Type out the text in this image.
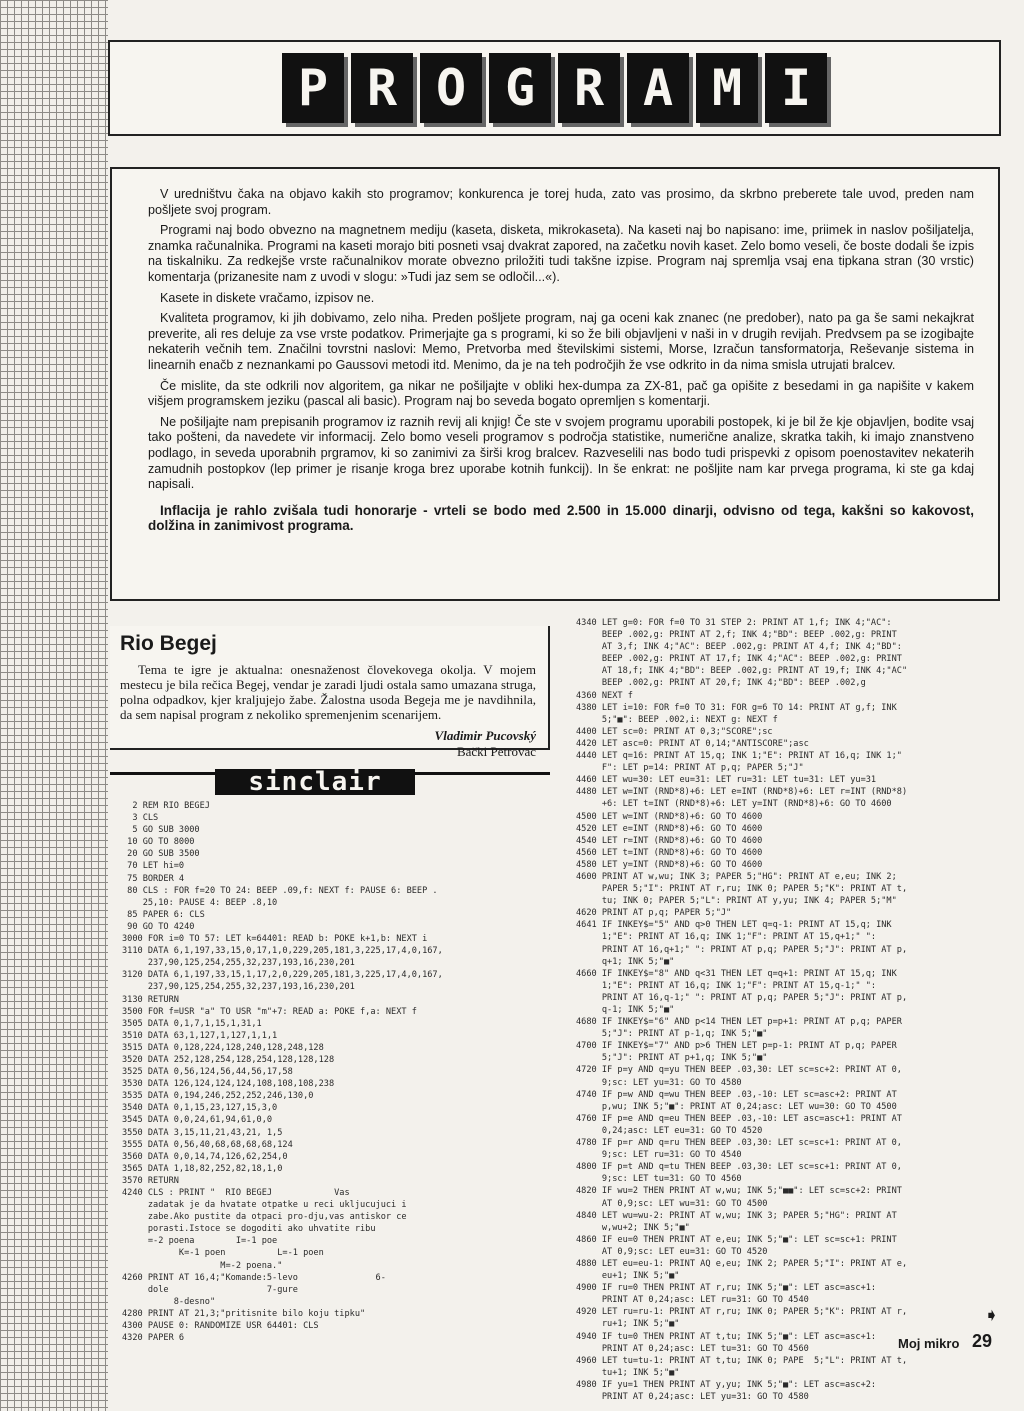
P R O G R A M I

V uredništvu čaka na objavo kakih sto programov; konkurenca je torej huda, zato vas prosimo, da skrbno preberete tale uvod, preden nam pošljete svoj program.

Programi naj bodo obvezno na magnetnem mediju (kaseta, disketa, mikrokaseta). Na kaseti naj bo napisano: ime, priimek in naslov pošiljatelja, znamka računalnika. Programi na kaseti morajo biti posneti vsaj dvakrat zapored, na začetku novih kaset. Zelo bomo veseli, če boste dodali še izpis na tiskalniku. Za redkejše vrste računalnikov morate obvezno priložiti tudi takšne izpise. Program naj spremlja vsaj ena tipkana stran (30 vrstic) komentarja (prizanesite nam z uvodi v slogu: »Tudi jaz sem se odločil...«).

Kasete in diskete vračamo, izpisov ne.

Kvaliteta programov, ki jih dobivamo, zelo niha. Preden pošljete program, naj ga oceni kak znanec (ne predober), nato pa ga še sami nekajkrat preverite, ali res deluje za vse vrste podatkov. Primerjajte ga s programi, ki so že bili objavljeni v naši in v drugih revijah. Predvsem pa se izogibajte nekaterih večnih tem. Značilni tovrstni naslovi: Memo, Pretvorba med številskimi sistemi, Morse, Izračun tansformatorja, Reševanje sistema in linearnih enačb z neznankami po Gaussovi metodi itd. Menimo, da je na teh področjih že vse odkrito in da nima smisla utrujati bralcev.

Če mislite, da ste odkrili nov algoritem, ga nikar ne pošiljajte v obliki hex-dumpa za ZX-81, pač ga opišite z besedami in ga napišite v kakem višjem programskem jeziku (pascal ali basic). Program naj bo seveda bogato opremljen s komentarji.

Ne pošiljajte nam prepisanih programov iz raznih revij ali knjig! Če ste v svojem programu uporabili postopek, ki je bil že kje objavljen, bodite vsaj tako pošteni, da navedete vir informacij. Zelo bomo veseli programov s področja statistike, numerične analize, skratka takih, ki imajo znanstveno podlago, in seveda uporabnih prgramov, ki so zanimivi za širši krog bralcev. Razveselili nas bodo tudi prispevki z opisom poenostavitev nekaterih zamudnih postopkov (lep primer je risanje kroga brez uporabe kotnih funkcij). In še enkrat: ne pošljite nam kar prvega programa, ki ste ga kdaj napisali.

Inflacija je rahlo zvišala tudi honorarje - vrteli se bodo med 2.500 in 15.000 dinarji, odvisno od tega, kakšni so kakovost, dolžina in zanimivost programa.

Rio Begej

Tema te igre je aktualna: onesnaženost človekovega okolja. V mojem mestecu je bila rečica Begej, vendar je zaradi ljudi ostala samo umazana struga, polna odpadkov, kjer kraljujejo žabe. Žalostna usoda Begeja me je navdihnila, da sem napisal program z nekoliko spremenjenim scenarijem.

Vladimir Pucovský
Bački Petrovac
sinclair
2 REM RIO BEGEJ
3 CLS
5 GO SUB 3000
10 GO TO 8000
20 GO SUB 3500
70 LET hi=0
75 BORDER 4
80 CLS : FOR f=20 TO 24: BEEP .09,f: NEXT f: PAUSE 6: BEEP .
25,10: PAUSE 4: BEEP .8,10
85 PAPER 6: CLS
90 GO TO 4240
3000 FOR i=0 TO 57: LET k=64401: READ b: POKE k+1,b: NEXT i
3110 DATA 6,1,197,33,15,0,17,1,0,229,205,181,3,225,17,4,0,167,
237,90,125,254,255,32,237,193,16,230,201
3120 DATA 6,1,197,33,15,1,17,2,0,229,205,181,3,225,17,4,0,167,
237,90,125,254,255,32,237,193,16,230,201
3130 RETURN
3500 FOR f=USR "a" TO USR "m"+7: READ a: POKE f,a: NEXT f
3505 DATA 0,1,7,1,15,1,31,1
3510 DATA 63,1,127,1,127,1,1,1
3515 DATA 0,128,224,128,240,128,248,128
3520 DATA 252,128,254,128,254,128,128,128
3525 DATA 0,56,124,56,44,56,17,58
3530 DATA 126,124,124,124,108,108,108,238
3535 DATA 0,194,246,252,252,246,130,0
3540 DATA 0,1,15,23,127,15,3,0
3545 DATA 0,0,24,61,94,61,0,0
3550 DATA 3,15,11,21,43,21, 1,5
3555 DATA 0,56,40,68,68,68,68,124
3560 DATA 0,0,14,74,126,62,254,0
3565 DATA 1,18,82,252,82,18,1,0
3570 RETURN
4240 CLS : PRINT "  RIO BEGEJ            Vas
zadatak je da hvatate otpatke u reci ukljucujuci i
zabe.Ako pustite da otpaci pro-dju,vas antiskor ce
porasti.Istoce se dogoditi ako uhvatite ribu
=-2 poena        I=-1 poe
K=-1 poen          L=-1 poen
M=-2 poena."
4260 PRINT AT 16,4;"Komande:5-levo               6-
dole                   7-gure
8-desno"
4280 PRINT AT 21,3;"pritisnite bilo koju tipku"
4300 PAUSE 0: RANDOMIZE USR 64401: CLS
4320 PAPER 6
4340 LET g=0: FOR f=0 TO 31 STEP 2: PRINT AT 1,f; INK 4;"AC":
BEEP .002,g: PRINT AT 2,f; INK 4;"BD": BEEP .002,g: PRINT
AT 3,f; INK 4;"AC": BEEP .002,g: PRINT AT 4,f; INK 4;"BD":
BEEP .002,g: PRINT AT 17,f; INK 4;"AC": BEEP .002,g: PRINT
AT 18,f; INK 4;"BD": BEEP .002,g: PRINT AT 19,f; INK 4;"AC"
BEEP .002,g: PRINT AT 20,f; INK 4;"BD": BEEP .002,g
4360 NEXT f
4380 LET i=10: FOR f=0 TO 31: FOR g=6 TO 14: PRINT AT g,f; INK
5;"■": BEEP .002,i: NEXT g: NEXT f
4400 LET sc=0: PRINT AT 0,3;"SCORE";sc
4420 LET asc=0: PRINT AT 0,14;"ANTISCORE";asc
4440 LET q=16: PRINT AT 15,q; INK 1;"E": PRINT AT 16,q; INK 1;"
F": LET p=14: PRINT AT p,q; PAPER 5;"J"
4460 LET wu=30: LET eu=31: LET ru=31: LET tu=31: LET yu=31
4480 LET w=INT (RND*8)+6: LET e=INT (RND*8)+6: LET r=INT (RND*8)
+6: LET t=INT (RND*8)+6: LET y=INT (RND*8)+6: GO TO 4600
4500 LET w=INT (RND*8)+6: GO TO 4600
4520 LET e=INT (RND*8)+6: GO TO 4600
4540 LET r=INT (RND*8)+6: GO TO 4600
4560 LET t=INT (RND*8)+6: GO TO 4600
4580 LET y=INT (RND*8)+6: GO TO 4600
4600 PRINT AT w,wu; INK 3; PAPER 5;"HG": PRINT AT e,eu; INK 2;
PAPER 5;"I": PRINT AT r,ru; INK 0; PAPER 5;"K": PRINT AT t,
tu; INK 0; PAPER 5;"L": PRINT AT y,yu; INK 4; PAPER 5;"M"
4620 PRINT AT p,q; PAPER 5;"J"
4641 IF INKEY$="5" AND q>0 THEN LET q=q-1: PRINT AT 15,q; INK
1;"E": PRINT AT 16,q; INK 1;"F": PRINT AT 15,q+1;" ":
PRINT AT 16,q+1;" ": PRINT AT p,q; PAPER 5;"J": PRINT AT p,
q+1; INK 5;"■"
4660 IF INKEY$="8" AND q<31 THEN LET q=q+1: PRINT AT 15,q; INK
1;"E": PRINT AT 16,q; INK 1;"F": PRINT AT 15,q-1;" ":
PRINT AT 16,q-1;" ": PRINT AT p,q; PAPER 5;"J": PRINT AT p,
q-1; INK 5;"■"
4680 IF INKEY$="6" AND p<14 THEN LET p=p+1: PRINT AT p,q; PAPER
5;"J": PRINT AT p-1,q; INK 5;"■"
4700 IF INKEY$="7" AND p>6 THEN LET p=p-1: PRINT AT p,q; PAPER
5;"J": PRINT AT p+1,q; INK 5;"■"
4720 IF p=y AND q=yu THEN BEEP .03,30: LET sc=sc+2: PRINT AT 0,
9;sc: LET yu=31: GO TO 4580
4740 IF p=w AND q=wu THEN BEEP .03,-10: LET sc=asc+2: PRINT AT
p,wu; INK 5;"■": PRINT AT 0,24;asc: LET wu=30: GO TO 4500
4760 IF p=e AND q=eu THEN BEEP .03,-10: LET asc=asc+1: PRINT AT
0,24;asc: LET eu=31: GO TO 4520
4780 IF p=r AND q=ru THEN BEEP .03,30: LET sc=sc+1: PRINT AT 0,
9;sc: LET ru=31: GO TO 4540
4800 IF p=t AND q=tu THEN BEEP .03,30: LET sc=sc+1: PRINT AT 0,
9;sc: LET tu=31: GO TO 4560
4820 IF wu=2 THEN PRINT AT w,wu; INK 5;"■■": LET sc=sc+2: PRINT
AT 0,9;sc: LET wu=31: GO TO 4500
4840 LET wu=wu-2: PRINT AT w,wu; INK 3; PAPER 5;"HG": PRINT AT
w,wu+2; INK 5;"■"
4860 IF eu=0 THEN PRINT AT e,eu; INK 5;"■": LET sc=sc+1: PRINT
AT 0,9;sc: LET eu=31: GO TO 4520
4880 LET eu=eu-1: PRINT AQ e,eu; INK 2; PAPER 5;"I": PRINT AT e,
eu+1; INK 5;"■"
4900 IF ru=0 THEN PRINT AT r,ru; INK 5;"■": LET asc=asc+1:
PRINT AT 0,24;asc: LET ru=31: GO TO 4540
4920 LET ru=ru-1: PRINT AT r,ru; INK 0; PAPER 5;"K": PRINT AT r,
ru+1; INK 5;"■"
4940 IF tu=0 THEN PRINT AT t,tu; INK 5;"■": LET asc=asc+1:
PRINT AT 0,24;asc: LET tu=31: GO TO 4560
4960 LET tu=tu-1: PRINT AT t,tu; INK 0; PAPE  5;"L": PRINT AT t,
tu+1; INK 5;"■"
4980 IF yu=1 THEN PRINT AT y,yu; INK 5;"■": LET asc=asc+2:
PRINT AT 0,24;asc: LET yu=31: GO TO 4580
➧
Moj mikro 29
